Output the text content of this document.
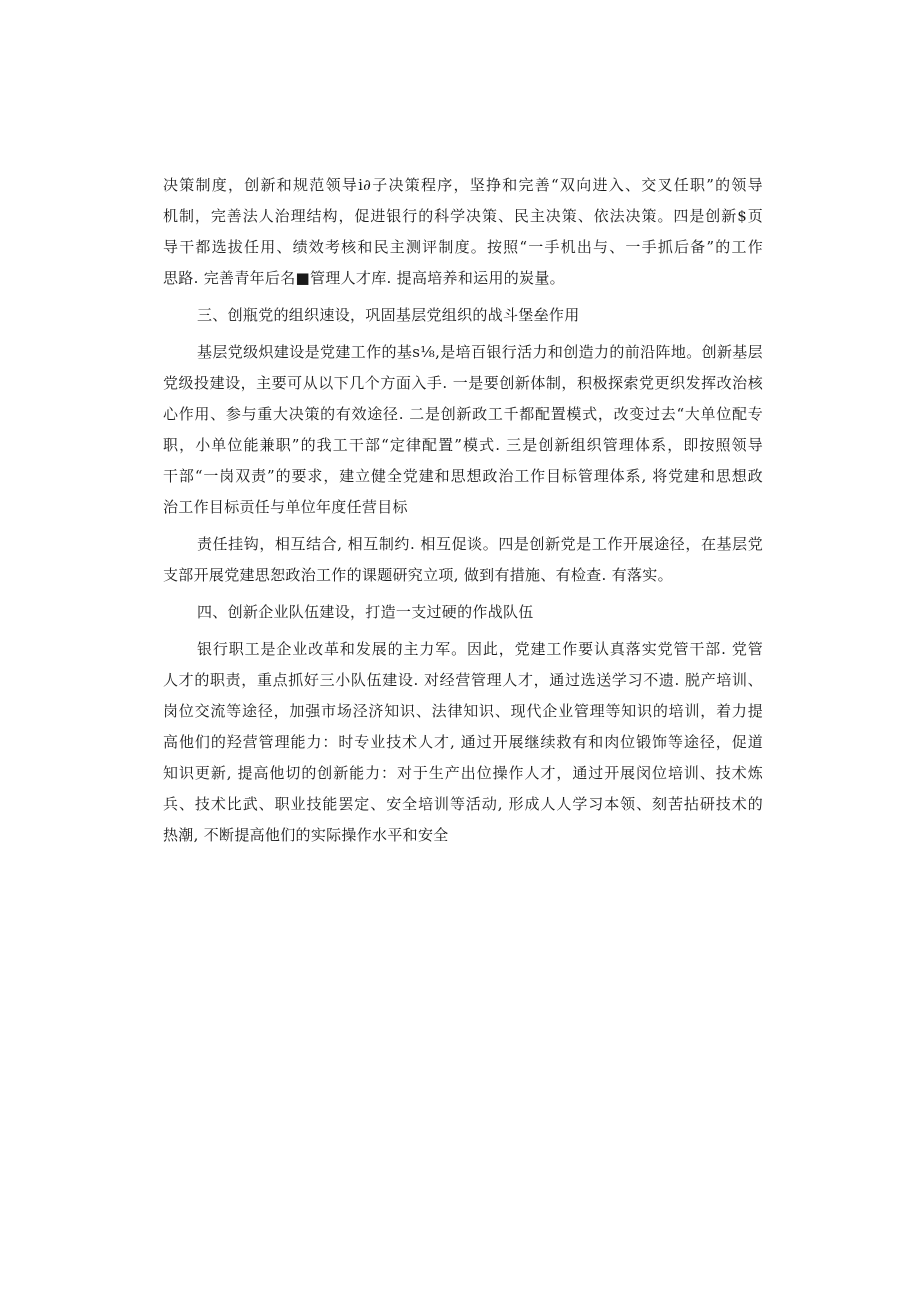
决策制度，创新和规范领导i∂子决策程序，坚挣和完善“双向进入、交叉任职”的领导
机制，完善法人治理结构，促进银行的科学决策、民主决策、依法决策。四是创新$页
导干都选拔任用、绩效考核和民主测评制度。按照“一手机出与、一手抓后备”的工作
思路. 完善青年后名■管理人才库. 提高培养和运用的炭量。
三、创瓶党的组织速设，巩固基层党组织的战斗堡垒作用
基层党级炽建设是党建工作的基s⅛,是培百银行活力和创造力的前沿阵地。创新基层
党级投建设，主要可从以下几个方面入手. 一是要创新体制，积极探索党更织发挥改治核
心作用、参与重大决策的有效途径. 二是创新政工千都配置模式，改变过去“大单位配专
职，小单位能兼职”的我工干部“定律配置”模式. 三是创新组织管理体系，即按照领导
干部“一岗双责”的要求，建立健全党建和思想政治工作目标管理体系, 将党建和思想政
治工作目标贡任与单位年度任营目标
责任挂钩，相互结合, 相互制约. 相互促谈。四是创新党是工作开展途径，在基层党
支部开展党建思恕政治工作的课题研究立项, 做到有措施、有检查. 有落实。
四、创新企业队伍建设，打造一支过硬的作战队伍
银行职工是企业改革和发展的主力军。因此，党建工作要认真落实党管干部. 党管
人才的职责，重点抓好三小队伍建设. 对经营管理人才，通过选送学习不遗. 脱产培训、
岗位交流等途径，加强市场泾济知识、法律知识、现代企业管理等知识的培训，着力提
高他们的羟营管理能力：时专业技术人才, 通过开展继续救有和肉位锻饰等途径，促道
知识更新, 提高他切的创新能力：对于生产出位操作人才，通过开展闵位培训、技术炼
兵、技术比武、职业技能罢定、安全培训等活动, 形成人人学习本领、刻苦拈研技术的
热潮, 不断提高他们的实际操作水平和安全
